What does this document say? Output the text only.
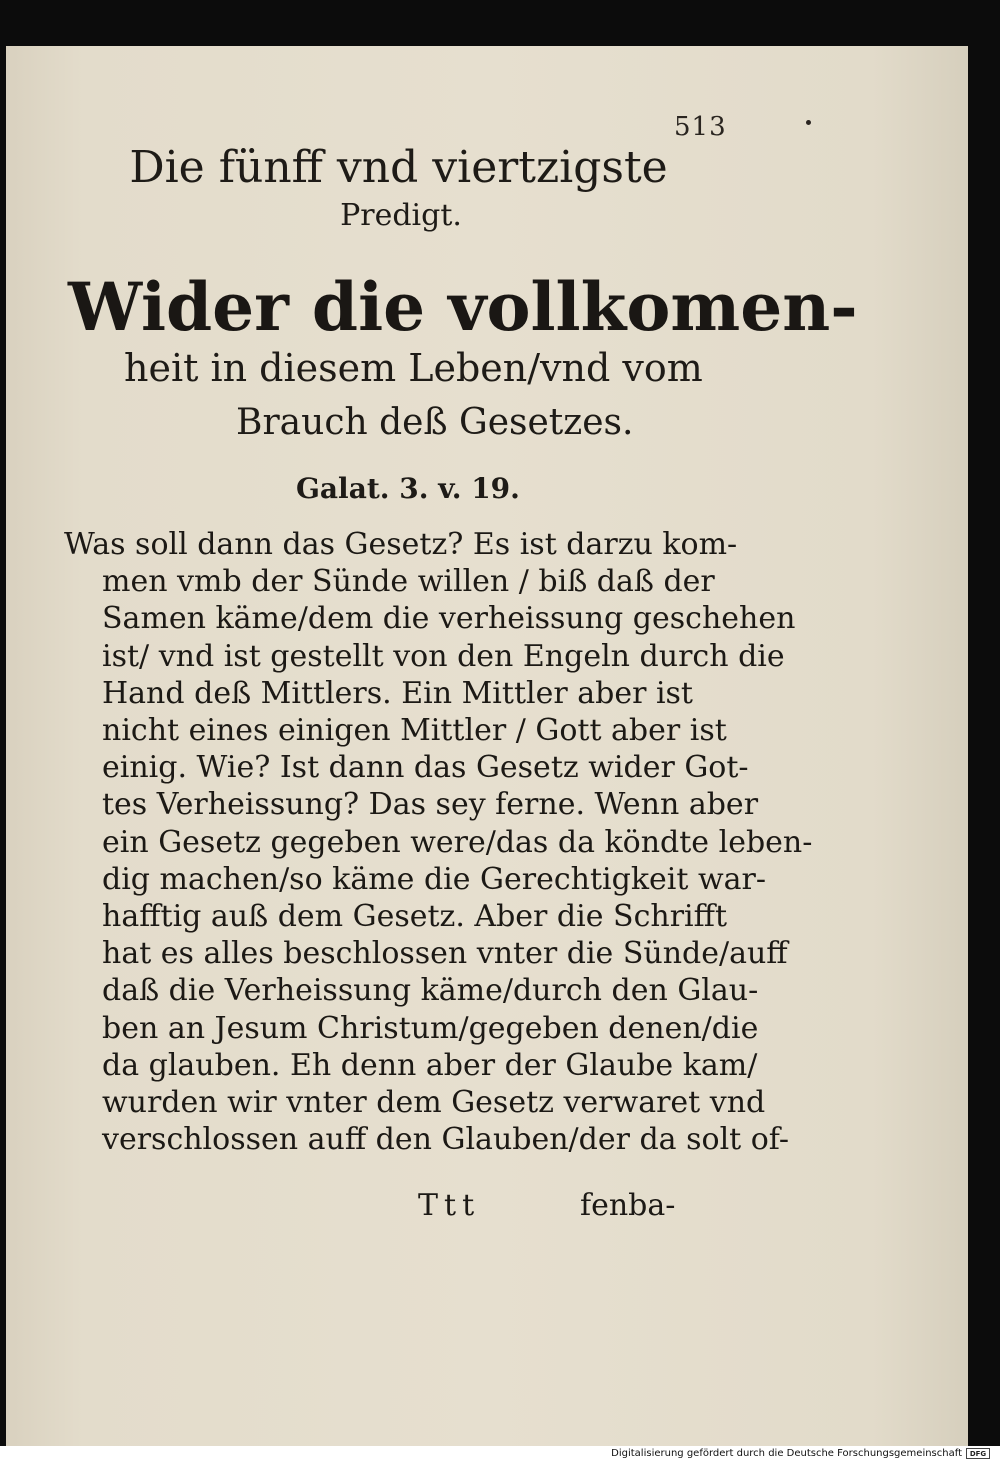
513
Die fünff vnd viertzigste
Predigt.
Wider die vollkomen-
heit in diesem Leben/vnd vom
Brauch deß Gesetzes.
Galat. 3. v. 19.
Was soll dann das Gesetz? Es ist darzu kom-
men vmb der Sünde willen / biß daß der
Samen käme/dem die verheissung geschehen
ist/ vnd ist gestellt von den Engeln durch die
Hand deß Mittlers. Ein Mittler aber ist
nicht eines einigen Mittler / Gott aber ist
einig. Wie? Ist dann das Gesetz wider Got-
tes Verheissung? Das sey ferne. Wenn aber
ein Gesetz gegeben were/das da köndte leben-
dig machen/so käme die Gerechtigkeit war-
hafftig auß dem Gesetz. Aber die Schrifft
hat es alles beschlossen vnter die Sünde/auff
daß die Verheissung käme/durch den Glau-
ben an Jesum Christum/gegeben denen/die
da glauben. Eh denn aber der Glaube kam/
wurden wir vnter dem Gesetz verwaret vnd
verschlossen auff den Glauben/der da solt of-
Ttt	fenba-
Digitalisierung gefördert durch die Deutsche Forschungsgemeinschaft	DFG
